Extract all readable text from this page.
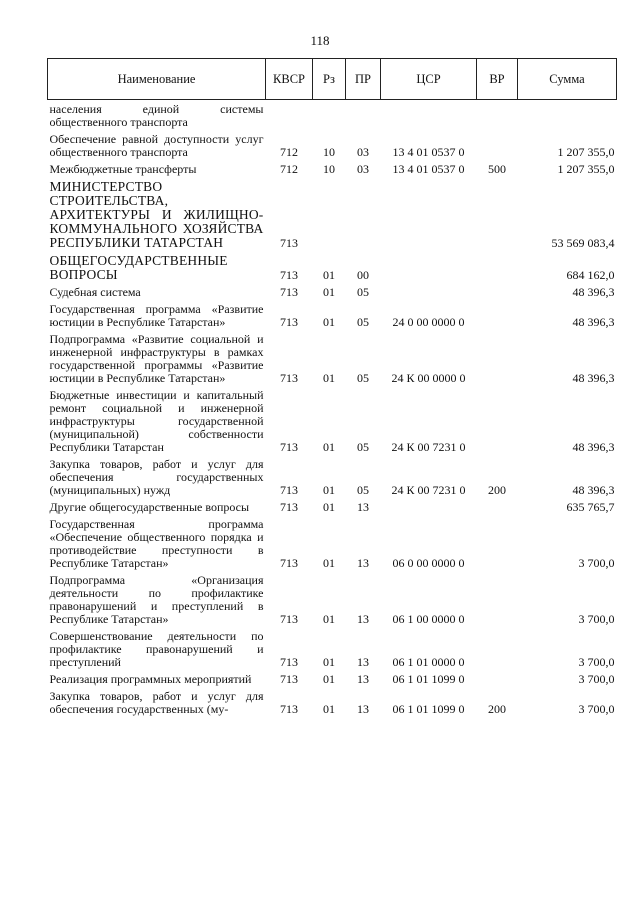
118
Наименование	КВСР	Рз	ПР	ЦСР	ВР	Сумма
населения единой системы общественного транспорта						
Обеспечение равной доступности услуг общественного транспорта	712	10	03	13 4 01 0537 0		1 207 355,0
Межбюджетные трансферты	712	10	03	13 4 01 0537 0	500	1 207 355,0
МИНИСТЕРСТВО СТРОИТЕЛЬСТВА, АРХИТЕКТУРЫ И ЖИЛИЩНО-КОММУНАЛЬНОГО ХОЗЯЙСТВА РЕСПУБЛИКИ ТАТАРСТАН	713					53 569 083,4
ОБЩЕГОСУДАРСТВЕННЫЕ ВОПРОСЫ	713	01	00			684 162,0
Судебная система	713	01	05			48 396,3
Государственная программа «Развитие юстиции в Республике Татарстан»	713	01	05	24 0 00 0000 0		48 396,3
Подпрограмма «Развитие социальной и инженерной инфраструктуры в рамках государственной программы «Развитие юстиции в Республике Татарстан»	713	01	05	24 К 00 0000 0		48 396,3
Бюджетные инвестиции и капитальный ремонт социальной и инженерной инфраструктуры государственной (муниципальной) собственности Республики Татарстан	713	01	05	24 К 00 7231 0		48 396,3
Закупка товаров, работ и услуг для обеспечения государственных (муниципальных) нужд	713	01	05	24 К 00 7231 0	200	48 396,3
Другие общегосударственные вопросы	713	01	13			635 765,7
Государственная программа «Обеспечение общественного порядка и противодействие преступности в Республике Татарстан»	713	01	13	06 0 00 0000 0		3 700,0
Подпрограмма «Организация деятельности по профилактике правонарушений и преступлений в Республике Татарстан»	713	01	13	06 1 00 0000 0		3 700,0
Совершенствование деятельности по профилактике правонарушений и преступлений	713	01	13	06 1 01 0000 0		3 700,0
Реализация программных мероприятий	713	01	13	06 1 01 1099 0		3 700,0
Закупка товаров, работ и услуг для обеспечения государственных (му-	713	01	13	06 1 01 1099 0	200	3 700,0
